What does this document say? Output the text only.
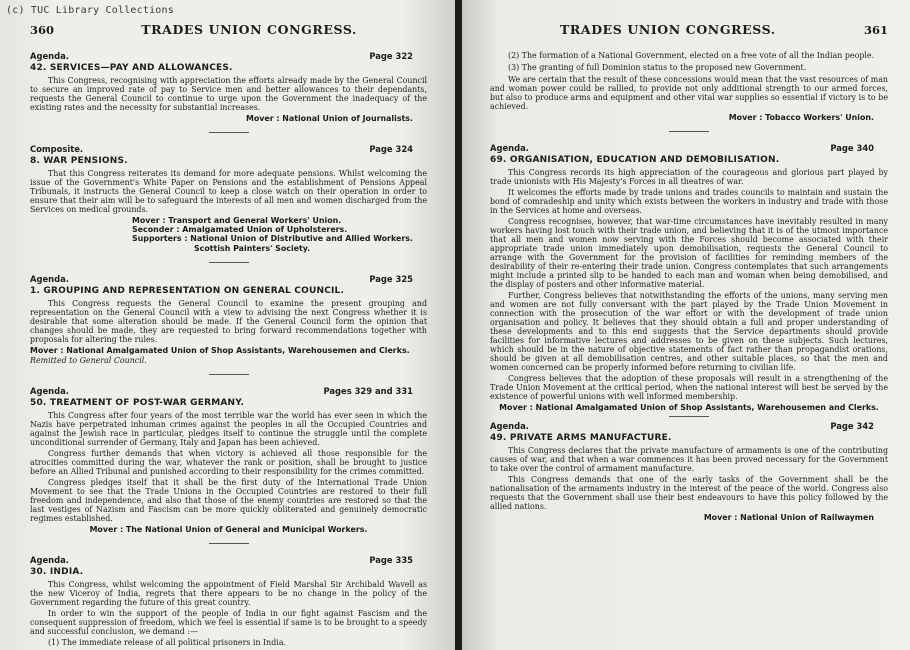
(c) TUC Library Collections
360	TRADES UNION CONGRESS.
Agenda.	Page 322
42. SERVICES—PAY AND ALLOWANCES.

This Congress, recognising with appreciation the efforts already made by the General Council to secure an improved rate of pay to Service men and better allowances to their dependants, requests the General Council to continue to urge upon the Government the inadequacy of the existing rates and the necessity for substantial increases.

Mover : National Union of Journalists.
Composite.	Page 324
8. WAR PENSIONS.

That this Congress reiterates its demand for more adequate pensions. Whilst welcoming the issue of the Government's White Paper on Pensions and the establishment of Pensions Appeal Tribunals, it instructs the General Council to keep a close watch on their operation in order to ensure that their aim will be to safeguard the interests of all men and women discharged from the Services on medical grounds.

Mover : Transport and General Workers' Union.
Seconder : Amalgamated Union of Upholsterers.
Supporters : National Union of Distributive and Allied Workers.
Scottish Painters' Society.
Agenda.	Page 325
1. GROUPING AND REPRESENTATION ON GENERAL COUNCIL.

This Congress requests the General Council to examine the present grouping and representation on the General Council with a view to advising the next Congress whether it is desirable that some alteration should be made. If the General Council form the opinion that changes should be made, they are requested to bring forward recommendations together with proposals for altering the rules.

Mover : National Amalgamated Union of Shop Assistants, Warehousemen and Clerks.
Remitted to General Council.
Agenda.	Pages 329 and 331
50. TREATMENT OF POST-WAR GERMANY.

This Congress after four years of the most terrible war the world has ever seen in which the Nazis have perpetrated inhuman crimes against the peoples in all the Occupied Countries and against the Jewish race in particular, pledges itself to continue the struggle until the complete unconditional surrender of Germany, Italy and Japan has been achieved.

Congress further demands that when victory is achieved all those responsible for the atrocities committed during the war, whatever the rank or position, shall be brought to justice before an Allied Tribunal and punished according to their responsibility for the crimes committed.

Congress pledges itself that it shall be the first duty of the International Trade Union Movement to see that the Trade Unions in the Occupied Countries are restored to their full freedom and independence, and also that those of the enemy countries are restored so that the last vestiges of Nazism and Fascism can be more quickly obliterated and genuinely democratic regimes established.

Mover : The National Union of General and Municipal Workers.
Agenda.	Page 335
30. INDIA.

This Congress, whilst welcoming the appointment of Field Marshal Sir Archibald Wavell as the new Viceroy of India, regrets that there appears to be no change in the policy of the Government regarding the future of this great country.

In order to win the support of the people of India in our fight against Fascism and the consequent suppression of freedom, which we feel is essential if same is to be brought to a speedy and successful conclusion, we demand :—

(1) The immediate release of all political prisoners in India.
TRADES UNION CONGRESS.	361
(2) The formation of a National Government, elected on a free vote of all the Indian people.
(3) The granting of full Dominion status to the proposed new Government.

We are certain that the result of these concessions would mean that the vast resources of man and woman power could be rallied, to provide not only additional strength to our armed forces, but also to produce arms and equipment and other vital war supplies so essential if victory is to be achieved.

Mover : Tobacco Workers' Union.
Agenda.	Page 340
69. ORGANISATION, EDUCATION AND DEMOBILISATION.

This Congress records its high appreciation of the courageous and glorious part played by trade unionists with His Majesty's Forces in all theatres of war.

It welcomes the efforts made by trade unions and trades councils to maintain and sustain the bond of comradeship and unity which exists between the workers in industry and trade with those in the Services at home and overseas.

Congress recognises, however, that war-time circumstances have inevitably resulted in many workers having lost touch with their trade union, and believing that it is of the utmost importance that all men and women now serving with the Forces should become associated with their appropriate trade union immediately upon demobilisation, requests the General Council to arrange with the Government for the provision of facilities for reminding members of the desirability of their re-entering their trade union. Congress contemplates that such arrangements might include a printed slip to be handed to each man and woman when being demobilised, and the display of posters and other informative material.

Further, Congress believes that notwithstanding the efforts of the unions, many serving men and women are not fully conversant with the part played by the Trade Union Movement in connection with the prosecution of the war effort or with the development of trade union organisation and policy. It believes that they should obtain a full and proper understanding of these developments and to this end suggests that the Service departments should provide facilities for informative lectures and addresses to be given on these subjects. Such lectures, which should be in the nature of objective statements of fact rather than propagandist orations, should be given at all demobilisation centres, and other suitable places, so that the men and women concerned can be properly informed before returning to civilian life.

Congress believes that the adoption of these proposals will result in a strengthening of the Trade Union Movement at the critical period, when the national interest will best be served by the existence of powerful unions with well informed membership.

Mover : National Amalgamated Union of Shop Assistants, Warehousemen and Clerks.
Agenda.	Page 342
49. PRIVATE ARMS MANUFACTURE.

This Congress declares that the private manufacture of armaments is one of the contributing causes of war, and that when a war commences it has been proved necessary for the Government to take over the control of armament manufacture.

This Congress demands that one of the early tasks of the Government shall be the nationalisation of the armaments industry in the interest of the peace of the world. Congress also requests that the Government shall use their best endeavours to have this policy followed by the allied nations.

Mover : National Union of Railwaymen
